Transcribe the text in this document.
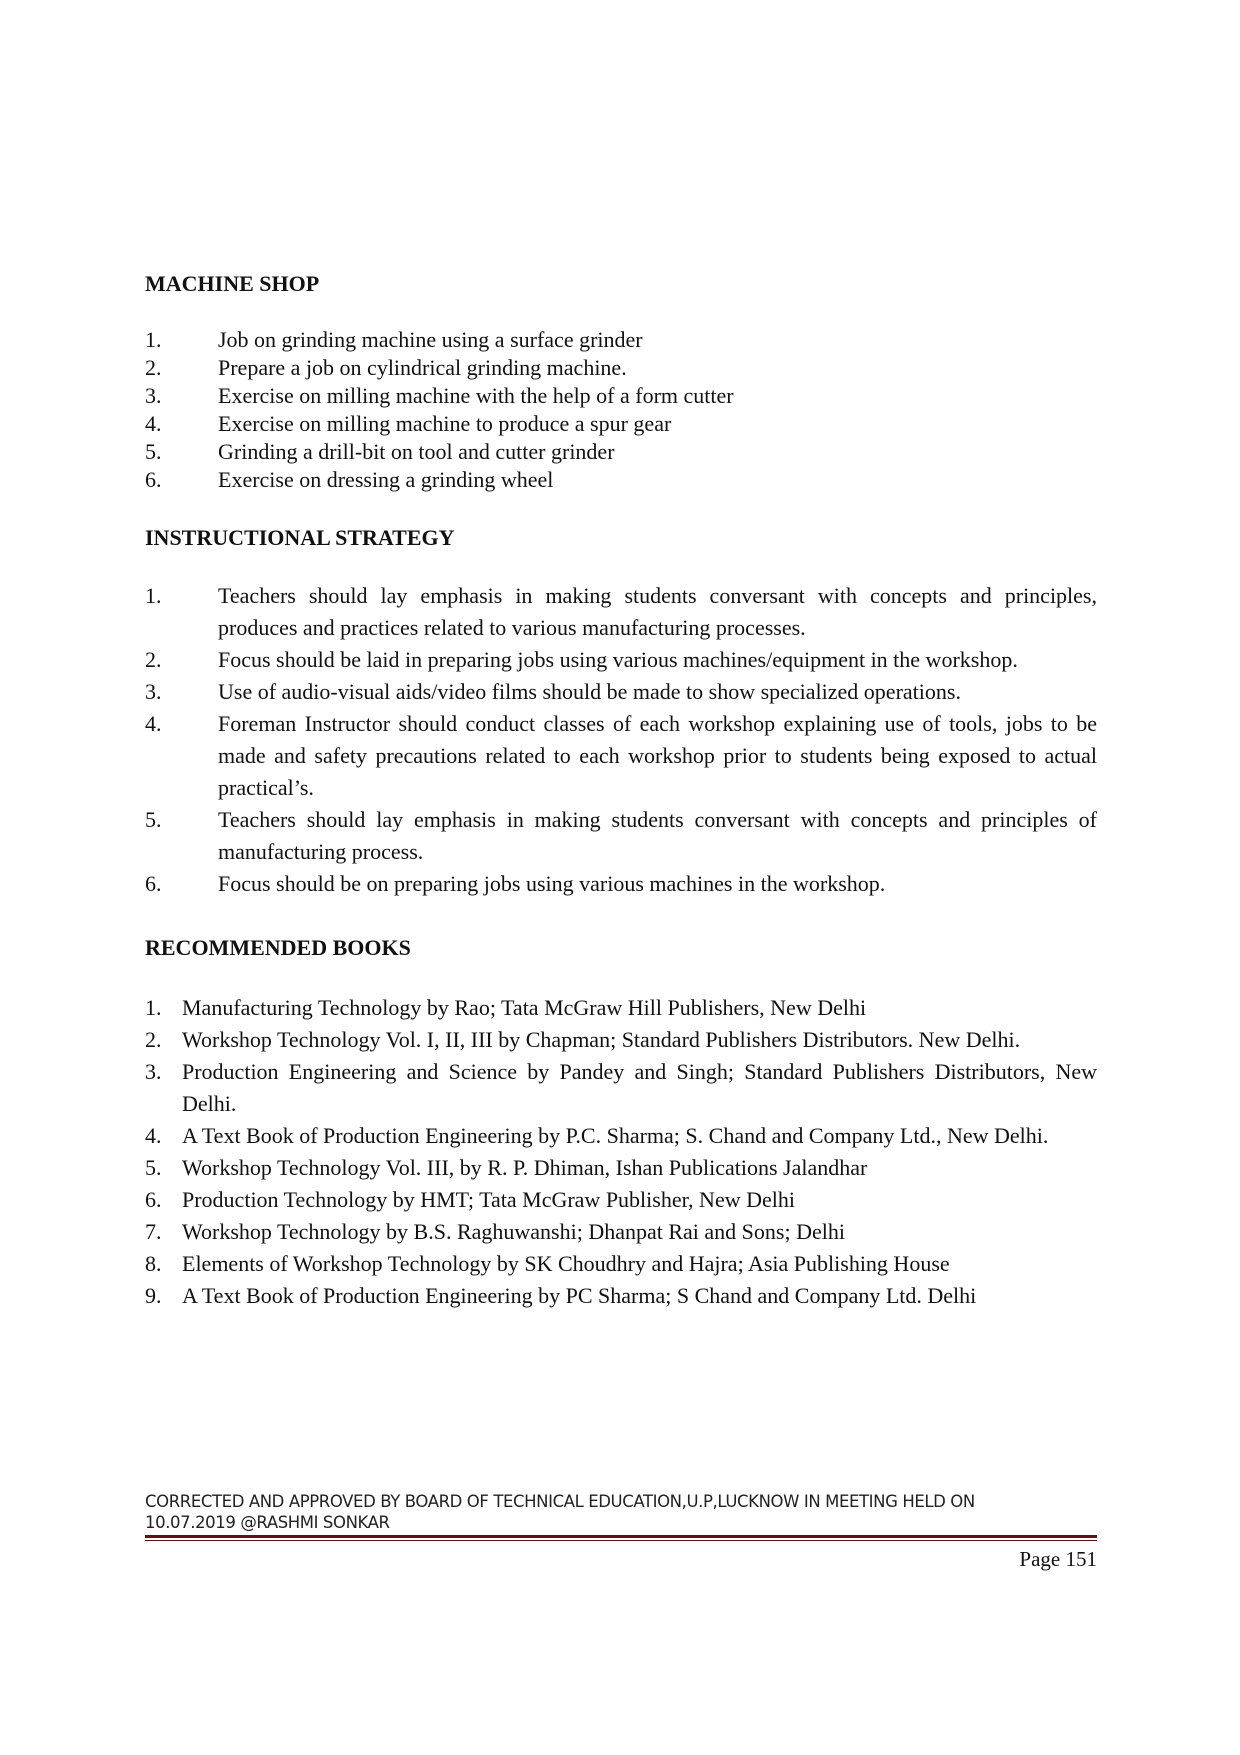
MACHINE SHOP
1.	Job on grinding machine using a surface grinder
2.	Prepare a job on cylindrical grinding machine.
3.	Exercise on milling machine with the help of a form cutter
4.	Exercise on milling machine to produce a spur gear
5.	Grinding a drill-bit on tool and cutter grinder
6.	Exercise on dressing a grinding wheel
INSTRUCTIONAL STRATEGY
1.	Teachers should lay emphasis in making students conversant with concepts and principles, produces and practices related to various manufacturing processes.
2.	Focus should be laid in preparing jobs using various machines/equipment in the workshop.
3.	Use of audio-visual aids/video films should be made to show specialized operations.
4.	Foreman Instructor should conduct classes of each workshop explaining use of tools, jobs to be made and safety precautions related to each workshop prior to students being exposed to actual practical’s.
5.	Teachers should lay emphasis in making students conversant with concepts and principles of manufacturing process.
6.	Focus should be on preparing jobs using various machines in the workshop.
RECOMMENDED BOOKS
1. Manufacturing Technology by Rao; Tata McGraw Hill Publishers, New Delhi
2. Workshop Technology Vol. I, II, III by Chapman; Standard Publishers Distributors. New Delhi.
3. Production Engineering and Science by Pandey and Singh; Standard Publishers Distributors, New Delhi.
4. A Text Book of Production Engineering by P.C. Sharma; S. Chand and Company Ltd., New Delhi.
5. Workshop Technology Vol. III, by R. P. Dhiman, Ishan Publications Jalandhar
6. Production Technology by HMT; Tata McGraw Publisher, New Delhi
7. Workshop Technology by B.S. Raghuwanshi; Dhanpat Rai and Sons; Delhi
8. Elements of Workshop Technology by SK Choudhry and Hajra; Asia Publishing House
9. A Text Book of Production Engineering by PC Sharma; S Chand and Company Ltd. Delhi
CORRECTED AND APPROVED BY BOARD OF TECHNICAL EDUCATION,U.P,LUCKNOW IN MEETING HELD ON
10.07.2019 @RASHMI SONKAR
Page 151
